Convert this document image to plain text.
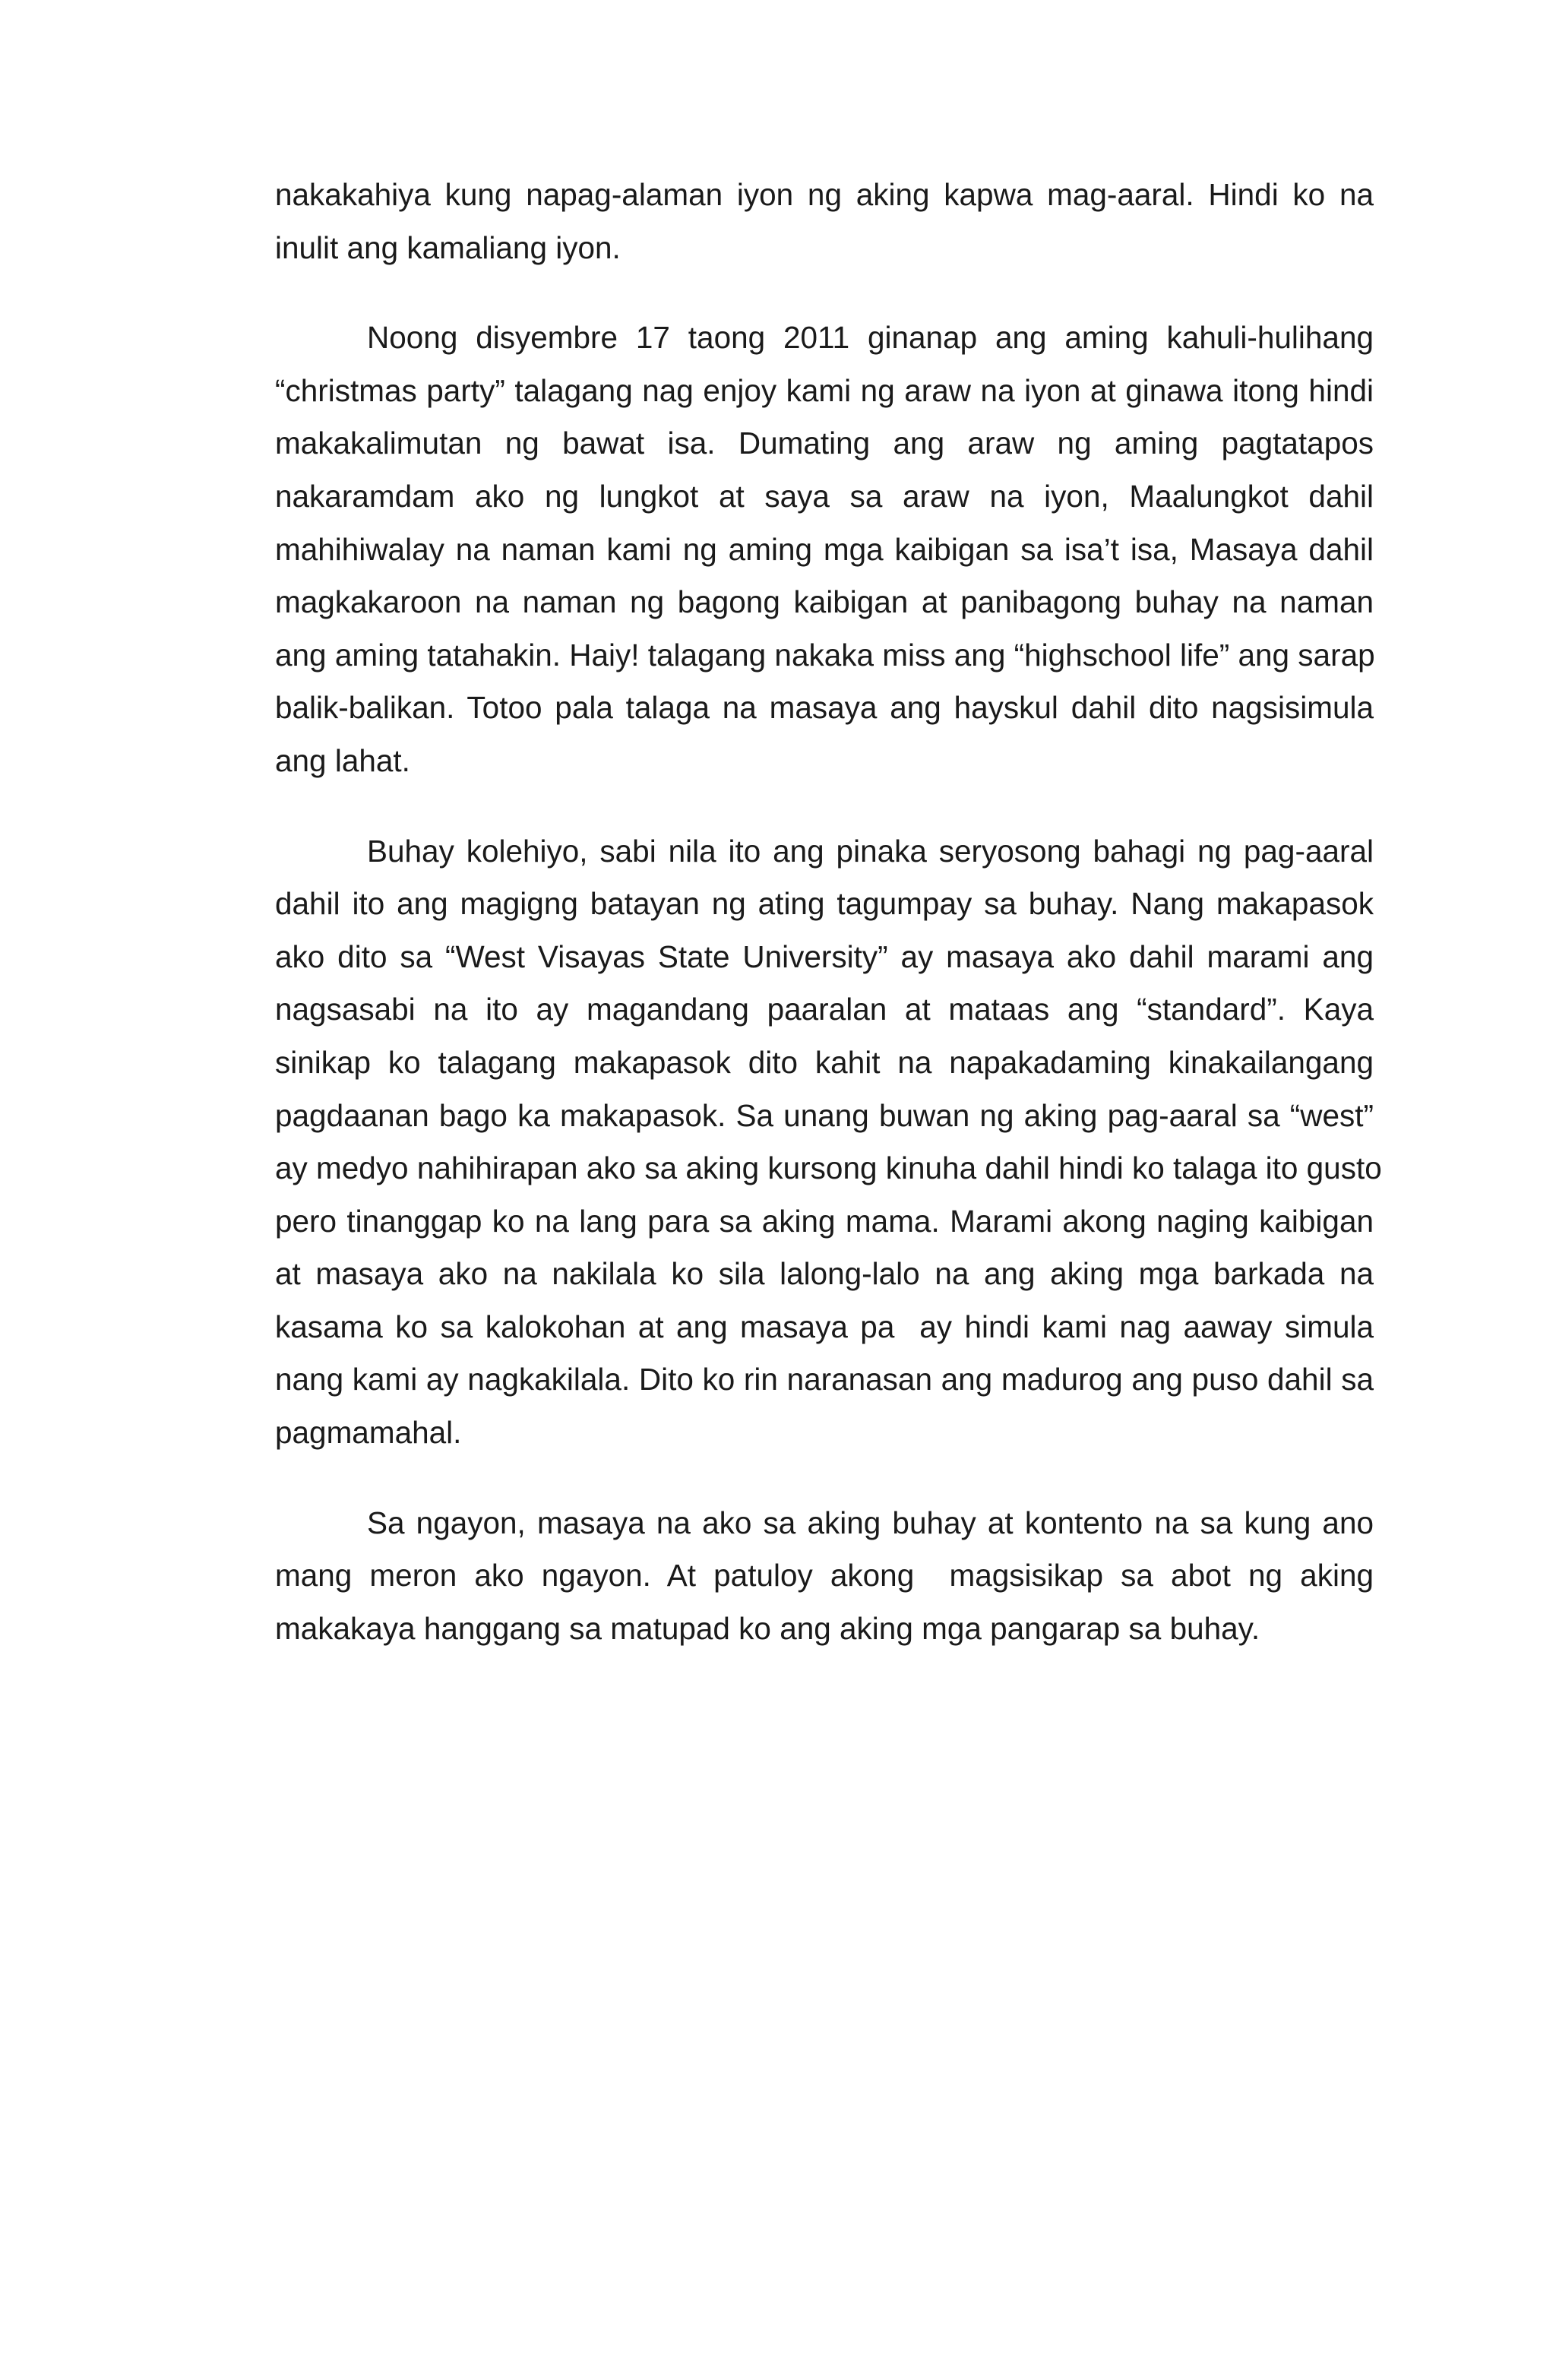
nakakahiya kung napag-alaman iyon ng aking kapwa mag-aaral. Hindi ko na
inulit ang kamaliang iyon.
Noong disyembre 17 taong 2011 ginanap ang aming kahuli-hulihang
“christmas party” talagang nag enjoy kami ng araw na iyon at ginawa itong hindi
makakalimutan ng bawat isa. Dumating ang araw ng aming pagtatapos
nakaramdam ako ng lungkot at saya sa araw na iyon, Maalungkot dahil
mahihiwalay na naman kami ng aming mga kaibigan sa isa’t isa, Masaya dahil
magkakaroon na naman ng bagong kaibigan at panibagong buhay na naman
ang aming tatahakin. Haiy! talagang nakaka miss ang “highschool life” ang sarap
balik-balikan. Totoo pala talaga na masaya ang hayskul dahil dito nagsisimula
ang lahat.
Buhay kolehiyo, sabi nila ito ang pinaka seryosong bahagi ng pag-aaral
dahil ito ang magigng batayan ng ating tagumpay sa buhay. Nang makapasok
ako dito sa “West Visayas State University” ay masaya ako dahil marami ang
nagsasabi na ito ay magandang paaralan at mataas ang “standard”. Kaya
sinikap ko talagang makapasok dito kahit na napakadaming kinakailangang
pagdaanan bago ka makapasok. Sa unang buwan ng aking pag-aaral sa “west”
ay medyo nahihirapan ako sa aking kursong kinuha dahil hindi ko talaga ito gusto
pero tinanggap ko na lang para sa aking mama. Marami akong naging kaibigan
at masaya ako na nakilala ko sila lalong-lalo na ang aking mga barkada na
kasama ko sa kalokohan at ang masaya pa  ay hindi kami nag aaway simula
nang kami ay nagkakilala. Dito ko rin naranasan ang madurog ang puso dahil sa
pagmamahal.
Sa ngayon, masaya na ako sa aking buhay at kontento na sa kung ano
mang meron ako ngayon. At patuloy akong  magsisikap sa abot ng aking
makakaya hanggang sa matupad ko ang aking mga pangarap sa buhay.
